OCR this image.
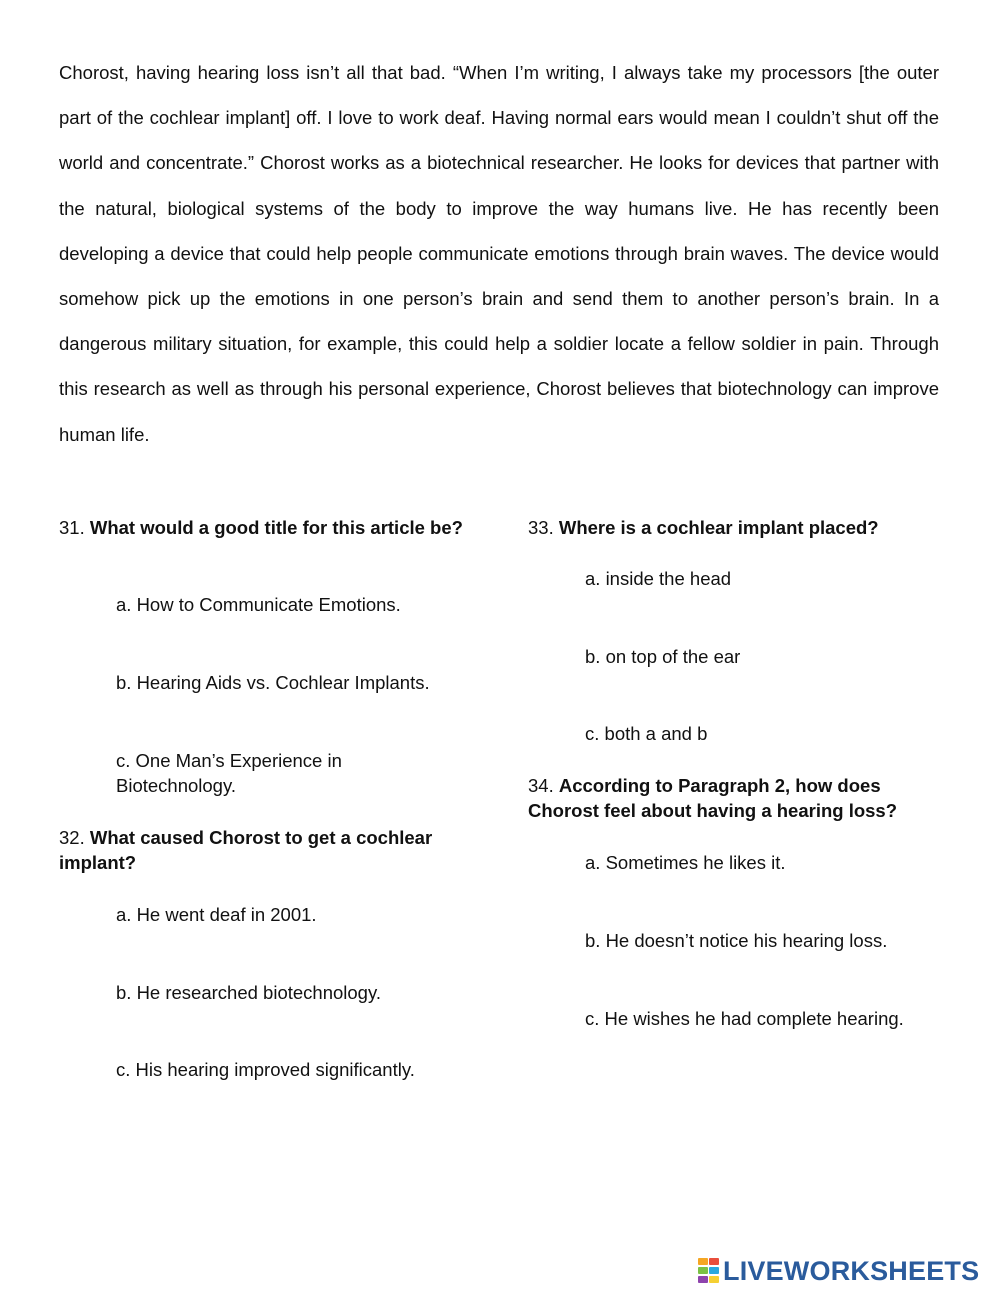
Chorost, having hearing loss isn’t all that bad. “When I’m writing, I always take my processors [the outer part of the cochlear implant] off. I love to work deaf. Having normal ears would mean I couldn’t shut off the world and concentrate.” Chorost works as a biotechnical researcher. He looks for devices that partner with the natural, biological systems of the body to improve the way humans live. He has recently been developing a device that could help people communicate emotions through brain waves. The device would somehow pick up the emotions in one person’s brain and send them to another person’s brain. In a dangerous military situation, for example, this could help a soldier locate a fellow soldier in pain. Through this research as well as through his personal experience, Chorost believes that biotechnology can improve human life.

31. What would a good title for this article be?

a. How to Communicate Emotions.

b. Hearing Aids vs. Cochlear Implants.

c. One Man’s Experience in Biotechnology.

32. What caused Chorost to get a cochlear implant?

a. He went deaf in 2001.

b. He researched biotechnology.

c. His hearing improved significantly.

33. Where is a cochlear implant placed?

a. inside the head

b. on top of the ear

c. both a and b

34. According to Paragraph 2, how does Chorost feel about having a hearing loss?

a. Sometimes he likes it.

b. He doesn’t notice his hearing loss.

c. He wishes he had complete hearing.

LIVEWORKSHEETS
